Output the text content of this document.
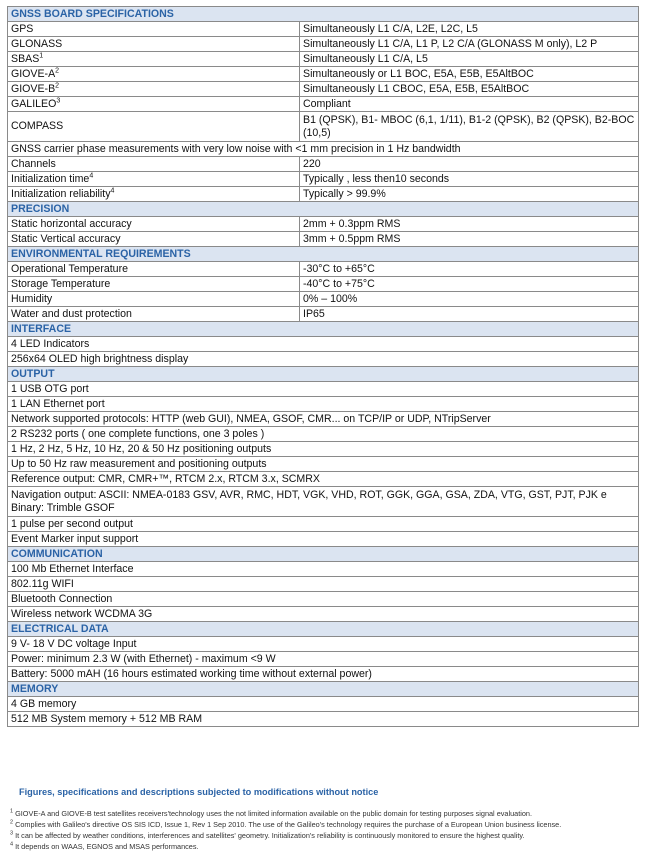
GNSS BOARD SPECIFICATIONS	
GPS	Simultaneously L1 C/A, L2E, L2C, L5
GLONASS	Simultaneously L1 C/A, L1 P, L2 C/A (GLONASS M only), L2 P
SBAS$^1$	Simultaneously L1 C/A, L5
GIOVE-$A^2$	Simultaneously or L1 BOC, E5A, E5B, E5AltBOC
GIOVE-$B^2$	Simultaneously L1 CBOC, E5A, E5B, E5AltBOC
GALILEO$^3$	Compliant
COMPASS	B1 (QPSK), B1- MBOC (6,1, 1/11), B1-2 (QPSK), B2 (QPSK), B2-BOC (10,5)
GNSS carrier phase measurements with very low noise with <1 mm precision in 1 Hz bandwidth	
Channels	220
Initialization time$^4$	Typically , less then10 seconds
Initialization reliability$^4$	Typically > 99.9%
PRECISION	
Static horizontal accuracy	2mm + 0.3ppm RMS
Static Vertical accuracy	3mm + 0.5ppm RMS
ENVIRONMENTAL REQUIREMENTS	
Operational Temperature	-30°C to +65°C
Storage Temperature	-40°C to +75°C
Humidity	0% – 100%
Water and dust protection	IP65
INTERFACE	
4 LED Indicators	
256x64 OLED high brightness display	
OUTPUT	
1 USB OTG port	
1 LAN Ethernet port	
Network supported protocols: HTTP (web GUI), NMEA, GSOF, CMR... on TCP/IP or UDP, NTripServer	
2 RS232 ports ( one complete functions, one 3 poles )	
1 Hz, 2 Hz, 5 Hz, 10 Hz, 20 & 50 Hz positioning outputs	
Up to 50 Hz raw measurement and positioning outputs	
Reference output: CMR, CMR+™, RTCM 2.x, RTCM 3.x, SCMRX	
Navigation output: ASCII: NMEA-0183 GSV, AVR, RMC, HDT, VGK, VHD, ROT, GGK, GGA, GSA, ZDA, VTG, GST, PJT, PJK e Binary: Trimble GSOF	
1 pulse per second output	
Event Marker input support	
COMMUNICATION	
100 Mb Ethernet Interface	
802.11g WIFI	
Bluetooth Connection	
Wireless network WCDMA 3G	
ELECTRICAL DATA	
9 V- 18 V DC voltage Input	
Power: minimum 2.3 W (with Ethernet) - maximum <9 W	
Battery: 5000 mAH (16 hours estimated working time without external power)	
MEMORY	
4 GB memory	
512 MB System memory + 512 MB RAM	
Figures, specifications and descriptions subjected to modifications without notice
$^1$ GIOVE-A and GIOVE-B test satellites receivers'technology uses the not limited information available on the public domain for testing purposes signal evaluation.
$^2$ Complies with Galileo's directive OS SIS ICD, Issue 1, Rev 1 Sep 2010. The use of the Galileo's technology requires the purchase of a European Union business license.
$^3$ It can be affected by weather conditions, interferences and satellites' geometry. Initialization's reliability is continuously monitored to ensure the highest quality.
$^4$ It depends on WAAS, EGNOS and MSAS performances.
